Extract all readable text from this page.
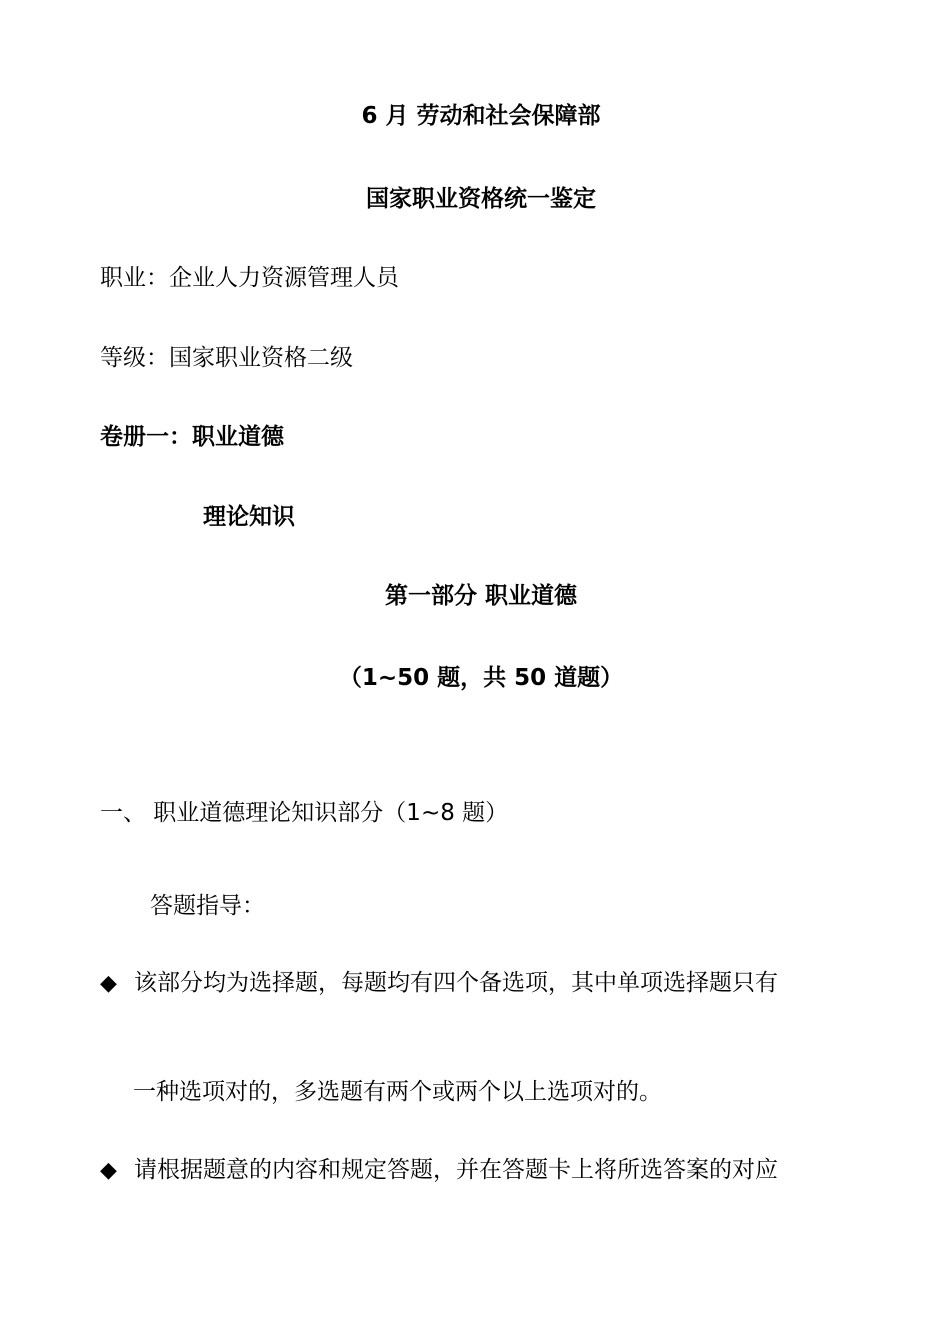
6 月 劳动和社会保障部
国家职业资格统一鉴定
职业：企业人力资源管理人员
等级：国家职业资格二级
卷册一：职业道德
理论知识
第一部分 职业道德
（1~50 题，共 50 道题）
一、 职业道德理论知识部分（1~8 题）
答题指导：
◆ 该部分均为选择题，每题均有四个备选项，其中单项选择题只有
一种选项对的，多选题有两个或两个以上选项对的。
◆ 请根据题意的内容和规定答题，并在答题卡上将所选答案的对应
